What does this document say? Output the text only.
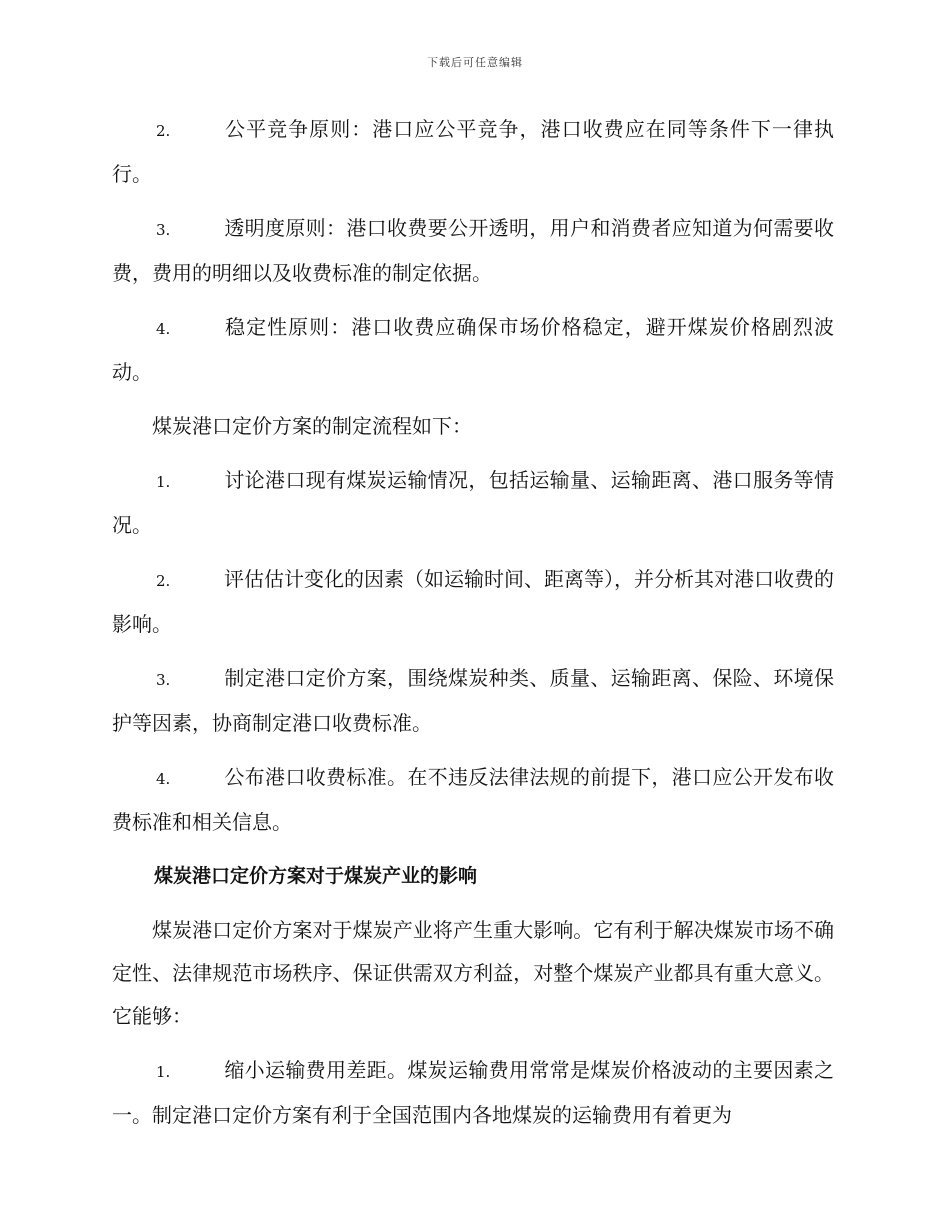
下载后可任意编辑

2.	公平竞争原则：港口应公平竞争，港口收费应在同等条件下一律执行。

3.	透明度原则：港口收费要公开透明，用户和消费者应知道为何需要收费，费用的明细以及收费标准的制定依据。

4.	稳定性原则：港口收费应确保市场价格稳定，避开煤炭价格剧烈波动。

煤炭港口定价方案的制定流程如下：

1.	讨论港口现有煤炭运输情况，包括运输量、运输距离、港口服务等情况。

2.	评估估计变化的因素（如运输时间、距离等），并分析其对港口收费的影响。

3.	制定港口定价方案，围绕煤炭种类、质量、运输距离、保险、环境保护等因素，协商制定港口收费标准。

4.	公布港口收费标准。在不违反法律法规的前提下，港口应公开发布收费标准和相关信息。

煤炭港口定价方案对于煤炭产业的影响

煤炭港口定价方案对于煤炭产业将产生重大影响。它有利于解决煤炭市场不确定性、法律规范市场秩序、保证供需双方利益，对整个煤炭产业都具有重大意义。它能够：

1.	缩小运输费用差距。煤炭运输费用常常是煤炭价格波动的主要因素之一。制定港口定价方案有利于全国范围内各地煤炭的运输费用有着更为
